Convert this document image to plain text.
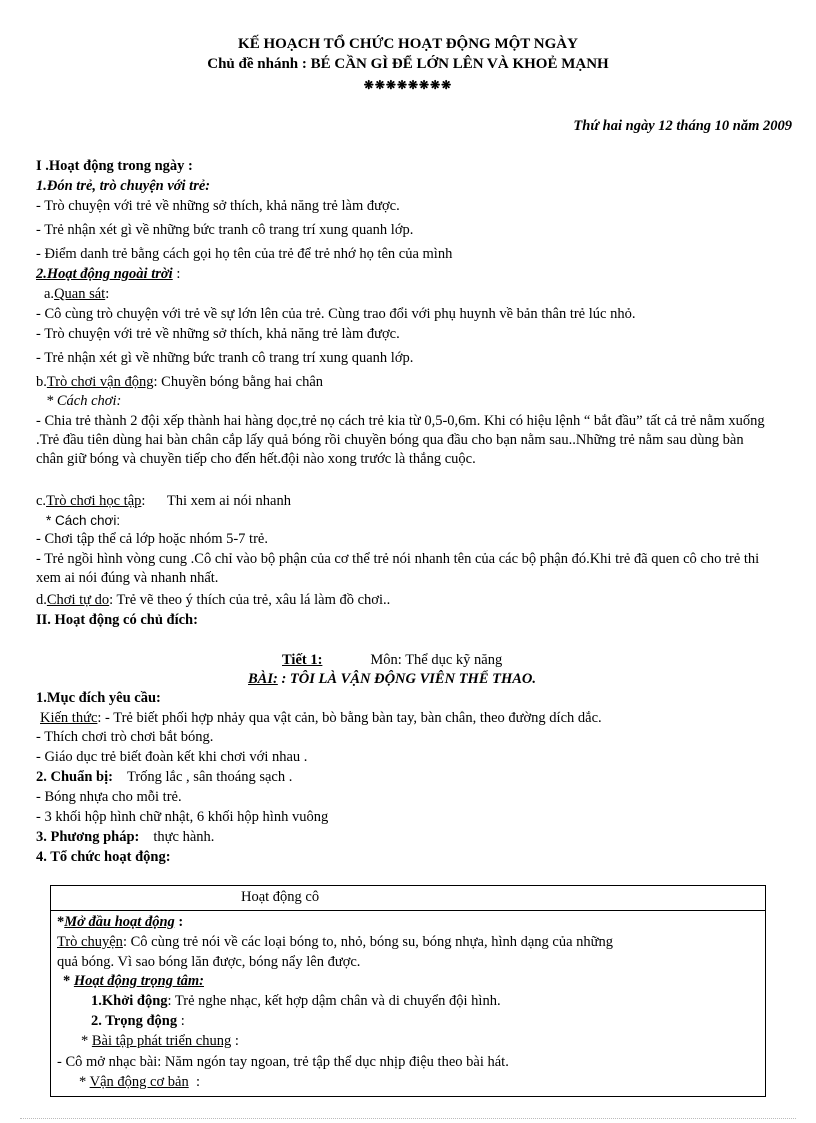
KẾ HOẠCH TỔ CHỨC HOẠT ĐỘNG MỘT NGÀY
Chủ đề nhánh : BÉ CẦN GÌ ĐỂ LỚN LÊN VÀ KHOẺ MẠNH
❋❋❋❋❋❋❋❋
Thứ hai ngày 12 tháng 10 năm 2009
I .Hoạt động trong ngày :
1.Đón trẻ, trò chuyện với trẻ:
- Trò chuyện với trẻ về những sở thích, khả năng trẻ làm được.
- Trẻ nhận xét gì về những bức tranh cô trang trí xung quanh lớp.
- Điểm danh trẻ bằng cách gọi họ tên của trẻ để trẻ nhớ họ tên của mình
2.Hoạt động ngoài trời :
a.Quan sát:
- Cô cùng trò chuyện với trẻ về sự lớn lên của trẻ. Cùng trao đổi với phụ huynh về bản thân trẻ lúc nhỏ.
- Trò chuyện với trẻ về những sở thích, khả năng trẻ làm được.
- Trẻ nhận xét gì về những bức tranh cô trang trí xung quanh lớp.
b.Trò chơi vận động: Chuyền bóng bằng hai chân
* Cách chơi:
- Chia trẻ thành 2 đội xếp thành hai hàng dọc,trẻ nọ cách trẻ kia từ 0,5-0,6m. Khi có hiệu lệnh “ bắt đầu” tất cả trẻ nằm xuống .Trẻ đầu tiên dùng hai bàn chân cắp lấy quả bóng rồi chuyền bóng qua đầu cho bạn nằm sau..Những trẻ nằm sau dùng bàn chân giữ bóng và chuyền tiếp cho đến hết.đội nào xong trước là thắng cuộc.
c.Trò chơi học tập:      Thi xem ai nói nhanh
* Cách chơi:
- Chơi tập thể cả lớp hoặc nhóm 5-7 trẻ.
- Trẻ ngồi hình vòng cung .Cô chỉ vào bộ phận của cơ thể trẻ nói nhanh tên của các bộ phận đó.Khi trẻ đã quen cô cho trẻ thi xem ai nói đúng và nhanh nhất.
d.Chơi tự do: Trẻ vẽ theo ý thích của trẻ, xâu lá làm đồ chơi..
II. Hoạt động có chủ đích:
Tiết 1:	Môn: Thể dục kỹ năng
BÀI: : TÔI LÀ VẬN ĐỘNG VIÊN THỂ THAO.
1.Mục đích yêu cầu:
Kiến thức: - Trẻ biết phối hợp nhảy qua vật cản, bò bằng bàn tay, bàn chân, theo đường dích dắc.
- Thích chơi trò chơi bắt bóng.
- Giáo dục trẻ biết đoàn kết khi chơi với nhau .
2. Chuẩn bị: Trống lắc , sân thoáng sạch .
- Bóng nhựa cho mỗi trẻ.
- 3 khối hộp hình chữ nhật, 6 khối hộp hình vuông
3. Phương pháp: thực hành.
4. Tổ chức hoạt động:
Hoạt động cô
*Mở đầu hoạt động :
Trò chuyện: Cô cùng trẻ nói về các loại bóng to, nhỏ, bóng su, bóng nhựa, hình dạng của những
quả bóng. Vì sao bóng lăn được, bóng nẩy lên được.
* Hoạt động trọng tâm:
1.Khởi động: Trẻ nghe nhạc, kết hợp dậm chân và di chuyển đội hình.
2. Trọng động :
* Bài tập phát triển chung :
- Cô mở nhạc bài: Năm ngón tay ngoan, trẻ tập thể dục nhịp điệu theo bài hát.
* Vận động cơ bản  :
